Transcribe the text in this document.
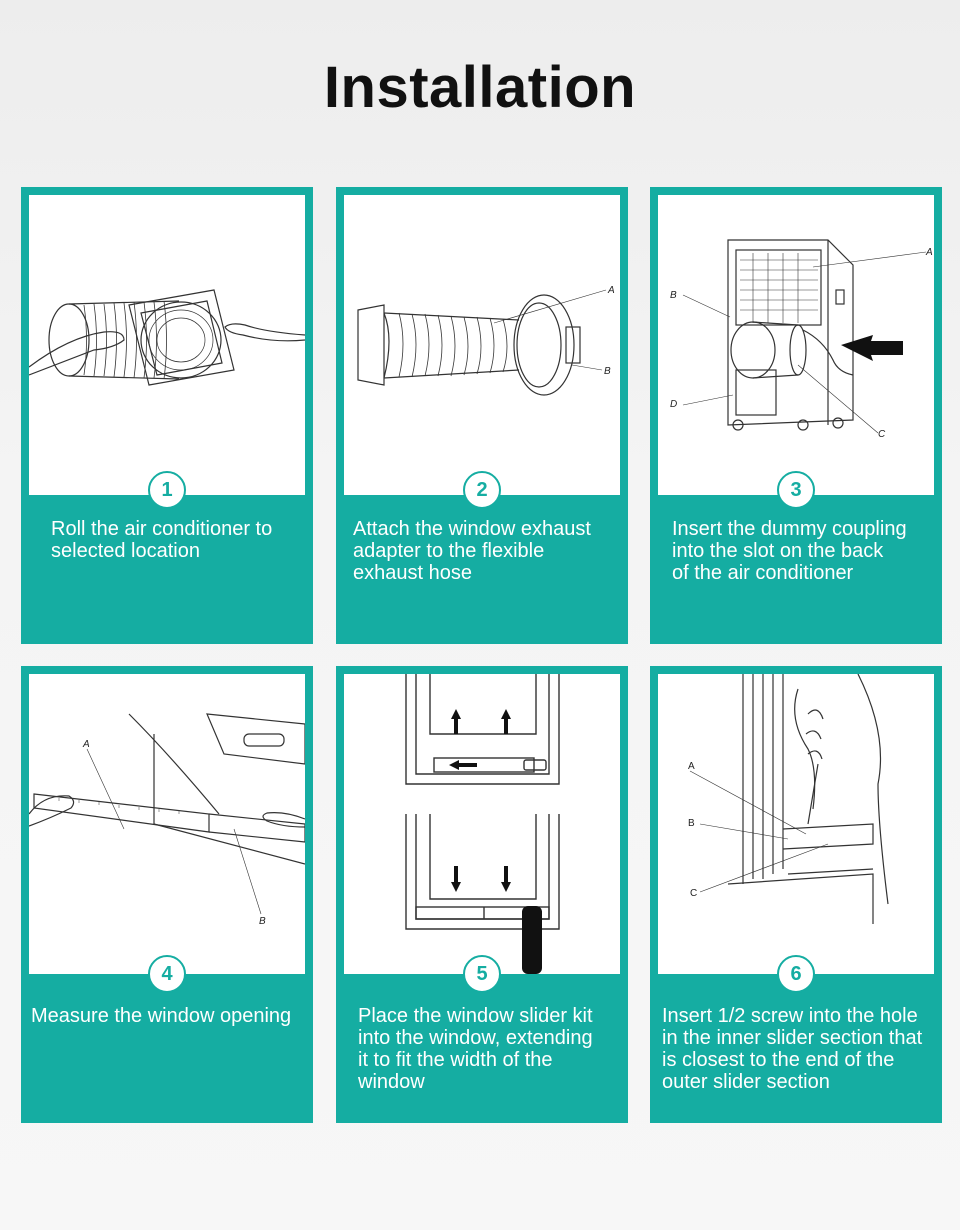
Installation
1
Roll the air conditioner to
selected location
A
B
2
Attach the window exhaust
adapter to the flexible
exhaust hose
A
B
C
D
3
Insert the dummy coupling
into the slot on the back
of the air conditioner
A
B
4
Measure the window opening
5
Place the window slider kit
into the window, extending
it to fit the width of the
window
A
B
C
6
Insert 1/2 screw into the hole
in the inner slider section that
is closest to the end of the
outer slider section
